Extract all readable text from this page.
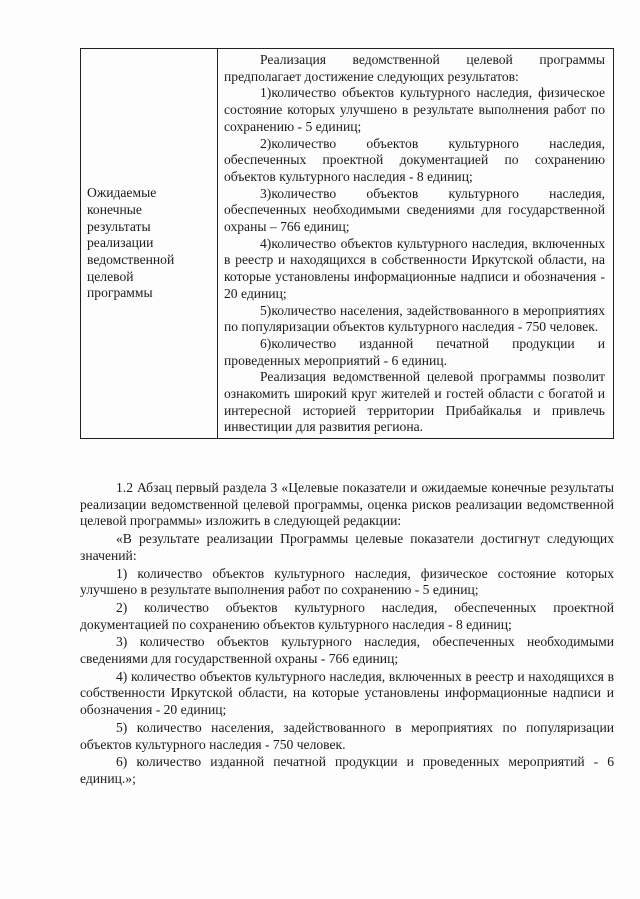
Ожидаемые
конечные
результаты
реализации
ведомственной
целевой
программы

Реализация ведомственной целевой программы предполагает достижение следующих результатов:

1)количество объектов культурного наследия, физическое состояние которых улучшено в результате выполнения работ по сохранению - 5 единиц;

2)количество объектов культурного наследия, обеспеченных проектной документацией по сохранению объектов культурного наследия - 8 единиц;

3)количество объектов культурного наследия, обеспеченных необходимыми сведениями для государственной охраны – 766 единиц;

4)количество объектов культурного наследия, включенных в реестр и находящихся в собственности Иркутской области, на которые установлены информационные надписи и обозначения - 20 единиц;

5)количество населения, задействованного в мероприятиях по популяризации объектов культурного наследия - 750 человек.

6)количество изданной печатной продукции и проведенных мероприятий - 6 единиц.

Реализация ведомственной целевой программы позволит ознакомить широкий круг жителей и гостей области с богатой и интересной историей территории Прибайкалья и привлечь инвестиции для развития региона.

1.2 Абзац первый раздела 3 «Целевые показатели и ожидаемые конечные результаты реализации ведомственной целевой программы, оценка рисков реализации ведомственной целевой программы» изложить в следующей редакции:

«В результате реализации Программы целевые показатели достигнут следующих значений:

1) количество объектов культурного наследия, физическое состояние которых улучшено в результате выполнения работ по сохранению - 5 единиц;

2) количество объектов культурного наследия, обеспеченных проектной документацией по сохранению объектов культурного наследия - 8 единиц;

3) количество объектов культурного наследия, обеспеченных необходимыми сведениями для государственной охраны - 766 единиц;

4) количество объектов культурного наследия, включенных в реестр и находящихся в собственности Иркутской области, на которые установлены информационные надписи и обозначения - 20 единиц;

5) количество населения, задействованного в мероприятиях по популяризации объектов культурного наследия - 750 человек.

6) количество изданной печатной продукции и проведенных мероприятий - 6 единиц.»;
